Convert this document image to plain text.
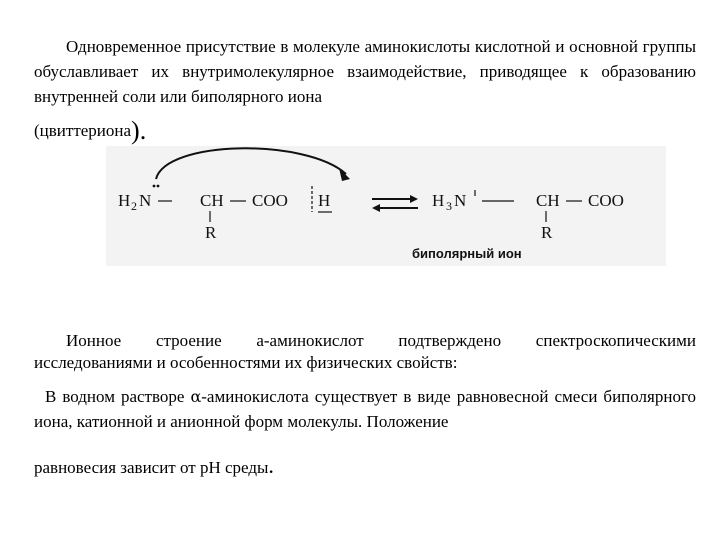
Одновременное присутствие в молекуле аминокислоты кислотной и основной группы обуславливает их внутримолекулярное взаимодействие, приводящее к образованию внутренней соли или биполярного иона

(цвиттериона).
H 2 N	CH COO H
R
H 3 N	CH COO
R
биполярный ион

Ионное строение а-аминокислот подтверждено спектроскопическими исследованиями и особенностями их физических свойств:

В водном растворе α-аминокислота существует в виде равновесной смеси биполярного иона, катионной и анионной форм молекулы. Положение

равновесия зависит от рН среды.
